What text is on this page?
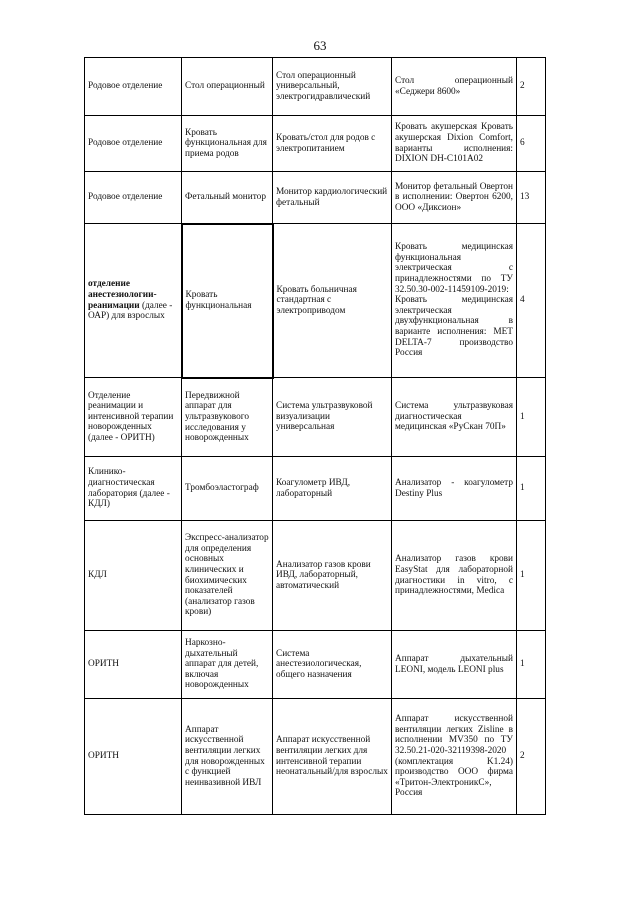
63
Родовое отделение	Стол операционный	Стол операционный универсальный, электрогидравлический	Стол операционный «Седжери 8600»	2
Родовое отделение	Кровать функциональная для приема родов	Кровать/стол для родов с электропитанием	Кровать акушерская Кровать акушерская Dixion Comfort, варианты исполнения: DIXION DH-C101A02	6
Родовое отделение	Фетальный монитор	Монитор кардиологический фетальный	Монитор фетальный Овертон в исполнении: Овертон 6200, ООО «Диксион»	13
отделение анестезиологии-реанимации (далее - ОАР) для взрослых	Кровать функциональная	Кровать больничная стандартная с электроприводом	Кровать медицинская функциональная электрическая с принадлежностями по ТУ 32.50.30-002-11459109-2019: Кровать медицинская электрическая двухфункциональная в варианте исполнения: MET DELTA-7 производство Россия	4
Отделение реанимации и интенсивной терапии новорожденных (далее - ОРИТН)	Передвижной аппарат для ультразвукового исследования у новорожденных	Система ультразвуковой визуализации универсальная	Система ультразвуковая диагностическая медицинская «РуСкан 70П»	1
Клинико-диагностическая лаборатория (далее - КДЛ)	Тромбоэластограф	Коагулометр ИВД, лабораторный	Анализатор - коагулометр Destiny Plus	1
КДЛ	Экспресс-анализатор для определения основных клинических и биохимических показателей (анализатор газов крови)	Анализатор газов крови ИВД, лабораторный, автоматический	Анализатор газов крови EasyStat для лабораторной диагностики in vitro, с принадлежностями, Medica	1
ОРИТН	Наркозно-дыхательный аппарат для детей, включая новорожденных	Система анестезиологическая, общего назначения	Аппарат дыхательный LEONI, модель LEONI plus	1
ОРИТН	Аппарат искусственной вентиляции легких для новорожденных с функцией неинвазивной ИВЛ	Аппарат искусственной вентиляции легких для интенсивной терапии неонатальный/для взрослых	Аппарат искусственной вентиляции легких Zisline в исполнении MV350 по ТУ 32.50.21-020-32119398-2020 (комплектация K1.24) производство ООО фирма «Тритон-ЭлектроникС», Россия	2
